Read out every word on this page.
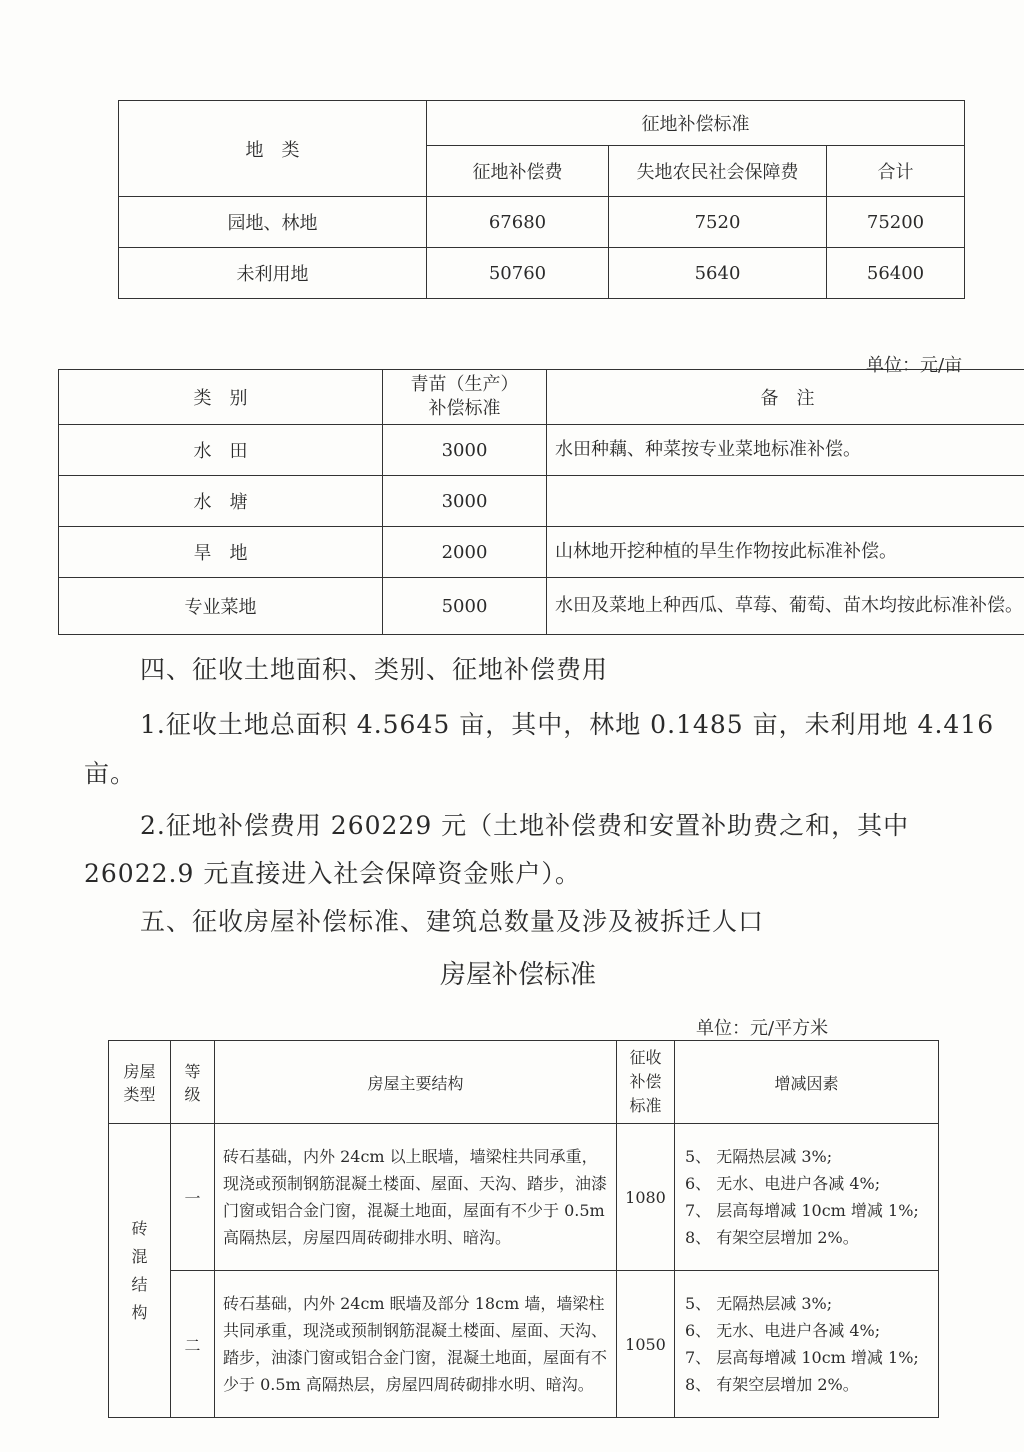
地　类	征地补偿标准		
	征地补偿费	失地农民社会保障费	合计
园地、林地	67680	7520	75200
未利用地	50760	5640	56400
单位：元/亩
类　别	青苗（生产）补偿标准	备　注
水　田	3000	水田种藕、种菜按专业菜地标准补偿。
水　塘	3000	
旱　地	2000	山林地开挖种植的旱生作物按此标准补偿。
专业菜地	5000	水田及菜地上种西瓜、草莓、葡萄、苗木均按此标准补偿。
四、征收土地面积、类别、征地补偿费用
1.征收土地总面积 4.5645 亩，其中，林地 0.1485 亩，未利用地 4.416
亩。
2.征地补偿费用 260229 元（土地补偿费和安置补助费之和，其中
26022.9 元直接进入社会保障资金账户）。
五、征收房屋补偿标准、建筑总数量及涉及被拆迁人口
房屋补偿标准
单位：元/平方米
房屋类型	等级	房屋主要结构	征收补偿标准	增减因素
砖混结构	一	砖石基础，内外 24cm 以上眠墙，墙梁柱共同承重，现浇或预制钢筋混凝土楼面、屋面、天沟、踏步，油漆门窗或铝合金门窗，混凝土地面，屋面有不少于 0.5m 高隔热层，房屋四周砖砌排水明、暗沟。	1080	5、 无隔热层减 3%;
6、 无水、电进户各减 4%;
7、 层高每增减 10cm 增减 1%;
8、 有架空层增加 2%。

	二	砖石基础，内外 24cm 眠墙及部分 18cm 墙，墙梁柱共同承重，现浇或预制钢筋混凝土楼面、屋面、天沟、踏步，油漆门窗或铝合金门窗，混凝土地面，屋面有不少于 0.5m 高隔热层，房屋四周砖砌排水明、暗沟。	1050	5、 无隔热层减 3%;
6、 无水、电进户各减 4%;
7、 层高每增减 10cm 增减 1%;
8、 有架空层增加 2%。
